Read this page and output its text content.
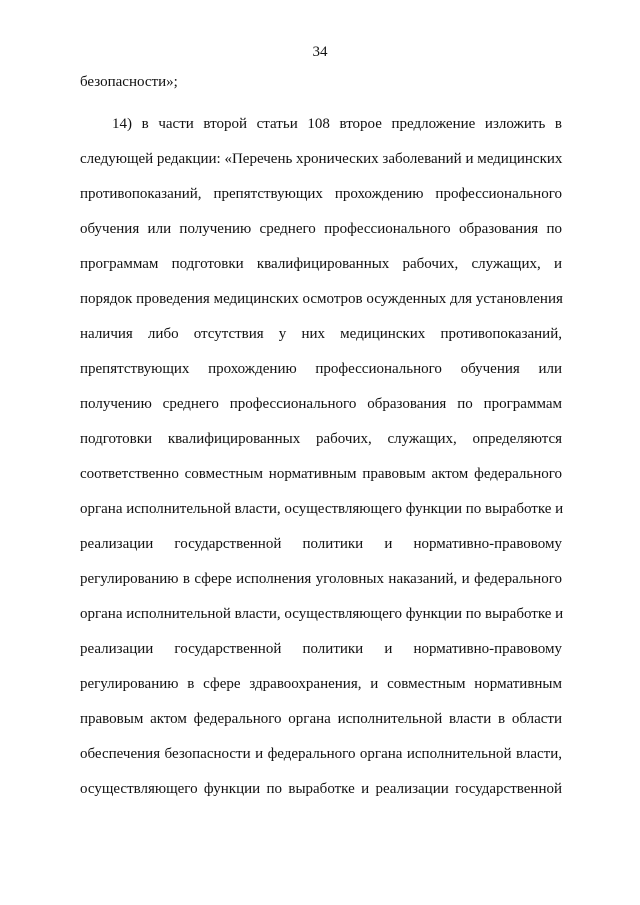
34
безопасности»;
14) в части второй статьи 108 второе предложение изложить в
следующей редакции: «Перечень хронических заболеваний и медицинских
противопоказаний, препятствующих прохождению профессионального
обучения или получению среднего профессионального образования по
программам подготовки квалифицированных рабочих, служащих, и
порядок проведения медицинских осмотров осужденных для установления
наличия либо отсутствия у них медицинских противопоказаний,
препятствующих прохождению профессионального обучения или
получению среднего профессионального образования по программам
подготовки квалифицированных рабочих, служащих, определяются
соответственно совместным нормативным правовым актом федерального
органа исполнительной власти, осуществляющего функции по выработке и
реализации государственной политики и нормативно-правовому
регулированию в сфере исполнения уголовных наказаний, и федерального
органа исполнительной власти, осуществляющего функции по выработке и
реализации государственной политики и нормативно-правовому
регулированию в сфере здравоохранения, и совместным нормативным
правовым актом федерального органа исполнительной власти в области
обеспечения безопасности и федерального органа исполнительной власти,
осуществляющего функции по выработке и реализации государственной
